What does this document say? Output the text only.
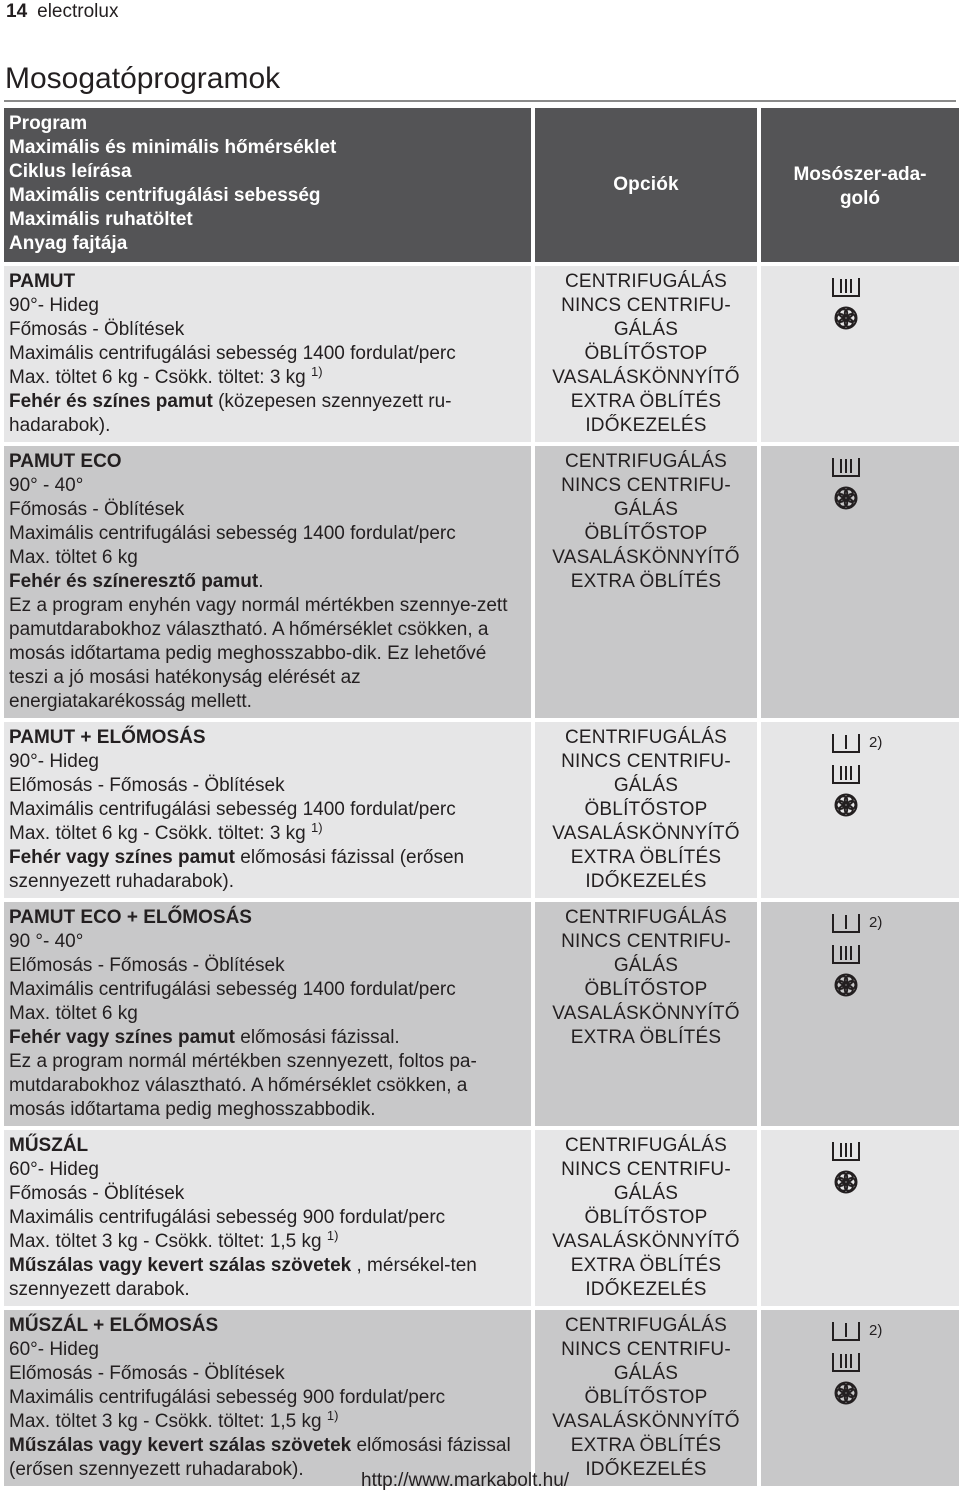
14 electrolux
Mosogatóprogramok
Program
Maximális és minimális hőmérséklet
Ciklus leírása
Maximális centrifugálási sebesség
Maximális ruhatöltet
Anyag fajtája
Opciók	Mosószer-ada-goló
PAMUT
90°- Hideg
Főmosás - Öblítések
Maximális centrifugálási sebesség 1400 fordulat/perc
Max. töltet 6 kg - Csökk. töltet: 3 kg $^{1)}$
Fehér és színes pamut (közepesen szennyezett ru-hadarabok).
CENTRIFUGÁLÁS
NINCS CENTRIFU-
GÁLÁS
ÖBLÍTŐSTOP
VASALÁSKÖNNYÍTŐ
EXTRA ÖBLÍTÉS
IDŐKEZELÉS
PAMUT ECO
90° - 40°
Főmosás - Öblítések
Maximális centrifugálási sebesség 1400 fordulat/perc
Max. töltet 6 kg
Fehér és színeresztő pamut.
Ez a program enyhén vagy normál mértékben szennye-zett pamutdarabokhoz választható. A hőmérséklet csökken, a mosás időtartama pedig meghosszabbo-dik. Ez lehetővé teszi a jó mosási hatékonyság elérését az energiatakarékosság mellett.
CENTRIFUGÁLÁS
NINCS CENTRIFU-
GÁLÁS
ÖBLÍTŐSTOP
VASALÁSKÖNNYÍTŐ
EXTRA ÖBLÍTÉS
PAMUT + ELŐMOSÁS
90°- Hideg
Előmosás - Főmosás - Öblítések
Maximális centrifugálási sebesség 1400 fordulat/perc
Max. töltet 6 kg - Csökk. töltet: 3 kg $^{1)}$
Fehér vagy színes pamut előmosási fázissal (erősen szennyezett ruhadarabok).
CENTRIFUGÁLÁS
NINCS CENTRIFU-
GÁLÁS
ÖBLÍTŐSTOP
VASALÁSKÖNNYÍTŐ
EXTRA ÖBLÍTÉS
IDŐKEZELÉS
2)
PAMUT ECO + ELŐMOSÁS
90 °- 40°
Előmosás - Főmosás - Öblítések
Maximális centrifugálási sebesség 1400 fordulat/perc
Max. töltet 6 kg
Fehér vagy színes pamut előmosási fázissal.
Ez a program normál mértékben szennyezett, foltos pa-mutdarabokhoz választható. A hőmérséklet csökken, a mosás időtartama pedig meghosszabbodik.
CENTRIFUGÁLÁS
NINCS CENTRIFU-
GÁLÁS
ÖBLÍTŐSTOP
VASALÁSKÖNNYÍTŐ
EXTRA ÖBLÍTÉS
2)
MŰSZÁL
60°- Hideg
Főmosás - Öblítések
Maximális centrifugálási sebesség 900 fordulat/perc
Max. töltet 3 kg - Csökk. töltet: 1,5 kg $^{1)}$
Műszálas vagy kevert szálas szövetek , mérsékel-ten szennyezett darabok.
CENTRIFUGÁLÁS
NINCS CENTRIFU-
GÁLÁS
ÖBLÍTŐSTOP
VASALÁSKÖNNYÍTŐ
EXTRA ÖBLÍTÉS
IDŐKEZELÉS
MŰSZÁL + ELŐMOSÁS
60°- Hideg
Előmosás - Főmosás - Öblítések
Maximális centrifugálási sebesség 900 fordulat/perc
Max. töltet 3 kg - Csökk. töltet: 1,5 kg $^{1)}$
Műszálas vagy kevert szálas szövetek előmosási fázissal (erősen szennyezett ruhadarabok).
CENTRIFUGÁLÁS
NINCS CENTRIFU-
GÁLÁS
ÖBLÍTŐSTOP
VASALÁSKÖNNYÍTŐ
EXTRA ÖBLÍTÉS
IDŐKEZELÉS
2)
http://www.markabolt.hu/
